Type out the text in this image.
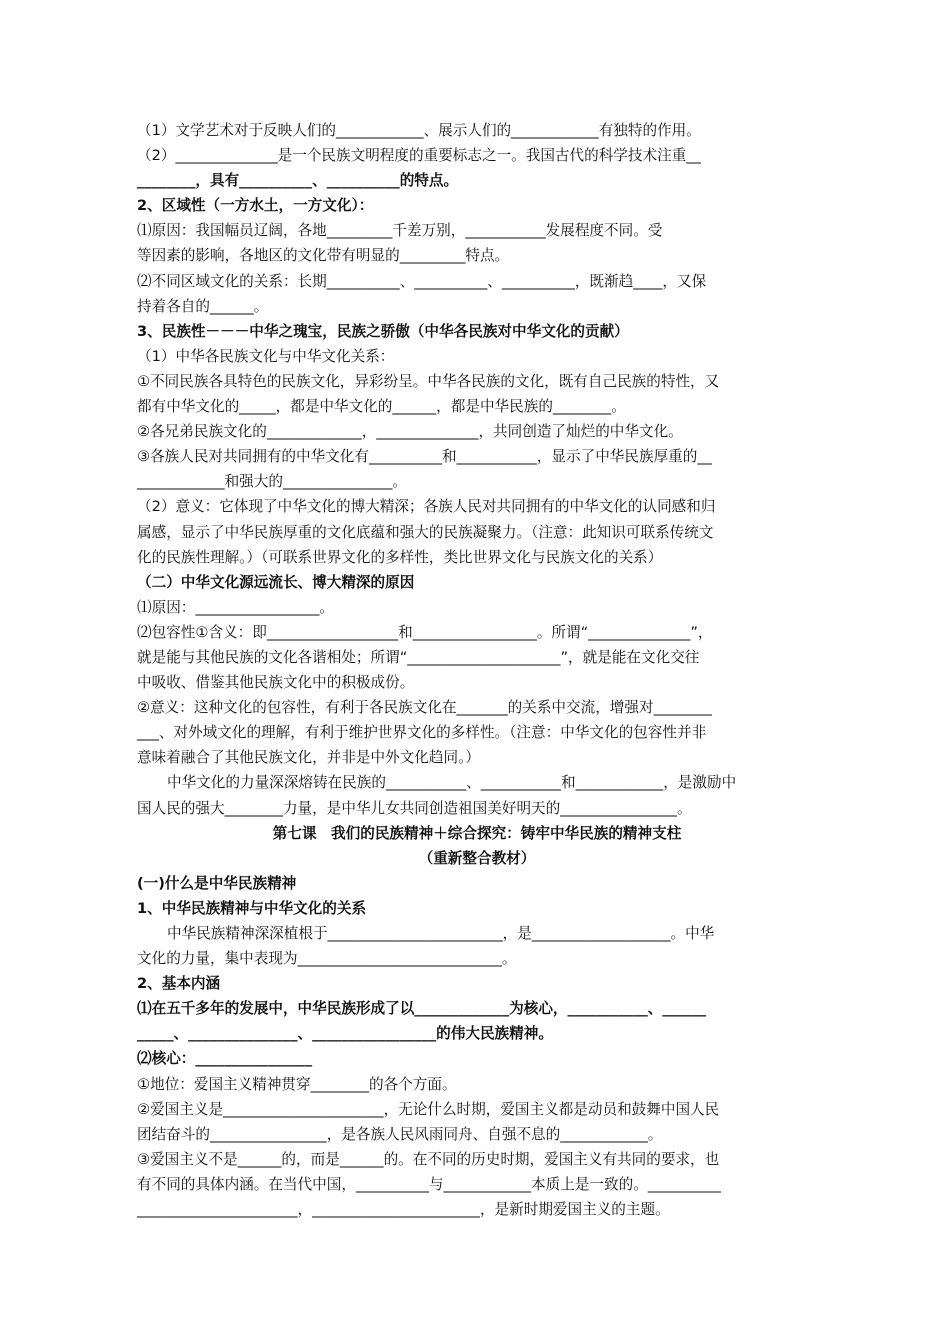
（1）文学艺术对于反映人们的____________、展示人们的____________有独特的作用。
（2）______________是一个民族文明程度的重要标志之一。我国古代的科学技术注重__
________，具有__________、__________的特点。
2、区域性（一方水土，一方文化）：
⑴原因：我国幅员辽阔，各地_________千差万别，___________发展程度不同。受
等因素的影响，各地区的文化带有明显的_________特点。
⑵不同区域文化的关系：长期__________、__________、__________，既渐趋____，又保
持着各自的______。
3、民族性－－－中华之瑰宝，民族之骄傲（中华各民族对中华文化的贡献）
（1）中华各民族文化与中华文化关系：
①不同民族各具特色的民族文化，异彩纷呈。中华各民族的文化，既有自己民族的特性，又
都有中华文化的_____，都是中华文化的______，都是中华民族的________。
②各兄弟民族文化的_____________，______________，共同创造了灿烂的中华文化。
③各族人民对共同拥有的中华文化有__________和___________，显示了中华民族厚重的__
____________和强大的_______________。
（2）意义：它体现了中华文化的博大精深；各族人民对共同拥有的中华文化的认同感和归
属感，显示了中华民族厚重的文化底蕴和强大的民族凝聚力。（注意：此知识可联系传统文
化的民族性理解。）（可联系世界文化的多样性，类比世界文化与民族文化的关系）
（二）中华文化源远流长、博大精深的原因
⑴原因：_________________。
⑵包容性①含义：即__________________和_________________。所谓“______________”，
就是能与其他民族的文化各谐相处；所谓“_____________________”，就是能在文化交往
中吸收、借鉴其他民族文化中的积极成份。
②意义：这种文化的包容性，有利于各民族文化在_______的关系中交流，增强对________
___、对外域文化的理解，有利于维护世界文化的多样性。（注意：中华文化的包容性并非
意味着融合了其他民族文化，并非是中外文化趋同。）
中华文化的力量深深熔铸在民族的___________、___________和____________，是激励中
国人民的强大________力量，是中华儿女共同创造祖国美好明天的________________。
第七课　我们的民族精神＋综合探究：铸牢中华民族的精神支柱
（重新整合教材）
(一)什么是中华民族精神
1、中华民族精神与中华文化的关系
中华民族精神深深植根于________________________，是___________________。中华
文化的力量，集中表现为____________________________。
2、基本内涵
⑴在五千多年的发展中，中华民族形成了以_____________为核心，___________、______
_____、_______________、_________________的伟大民族精神。
⑵核心：________________
①地位：爱国主义精神贯穿________的各个方面。
②爱国主义是______________________，无论什么时期，爱国主义都是动员和鼓舞中国人民
团结奋斗的________________，是各族人民风雨同舟、自强不息的____________。
③爱国主义不是______的，而是______的。在不同的历史时期，爱国主义有共同的要求，也
有不同的具体内涵。在当代中国，__________与____________本质上是一致的。__________
______________________，_______________________，是新时期爱国主义的主题。
